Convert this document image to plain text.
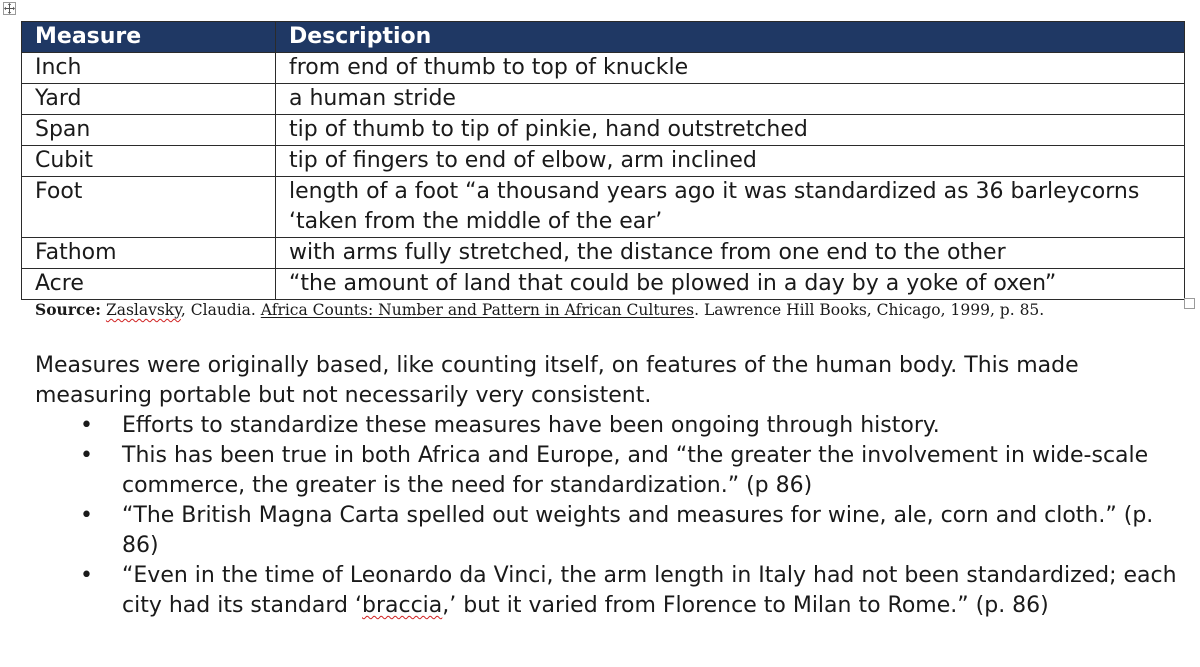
Measure	Description
Inch	from end of thumb to top of knuckle
Yard	a human stride
Span	tip of thumb to tip of pinkie, hand outstretched
Cubit	tip of fingers to end of elbow, arm inclined
Foot	length of a foot “a thousand years ago it was standardized as 36 barleycorns ‘taken from the middle of the ear’
Fathom	with arms fully stretched, the distance from one end to the other
Acre	“the amount of land that could be plowed in a day by a yoke of oxen”
Source: Zaslavsky, Claudia. Africa Counts: Number and Pattern in African Cultures. Lawrence Hill Books, Chicago, 1999, p. 85.
Measures were originally based, like counting itself, on features of the human body. This made measuring portable but not necessarily very consistent.
• Efforts to standardize these measures have been ongoing through history.
• This has been true in both Africa and Europe, and “the greater the involvement in wide-scale commerce, the greater is the need for standardization.” (p 86)
• “The British Magna Carta spelled out weights and measures for wine, ale, corn and cloth.” (p. 86)
• “Even in the time of Leonardo da Vinci, the arm length in Italy had not been standardized; each city had its standard ‘braccia,’ but it varied from Florence to Milan to Rome.” (p. 86)
